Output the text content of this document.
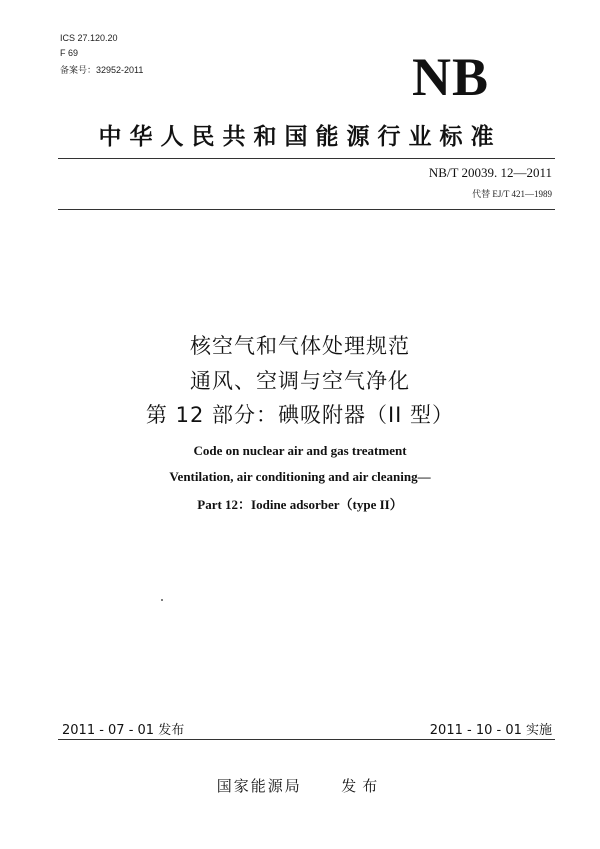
ICS 27.120.20
F 69
备案号：32952-2011	NB
中华人民共和国能源行业标准
NB/T 20039. 12—2011
代替 EJ/T 421—1989
核空气和气体处理规范
通风、空调与空气净化
第 12 部分：碘吸附器（II 型）
Code on nuclear air and gas treatment
Ventilation, air conditioning and air cleaning—
Part 12：Iodine adsorber（type II）
2011 - 07 - 01 发布	2011 - 10 - 01 实施
国家能源局	发布
